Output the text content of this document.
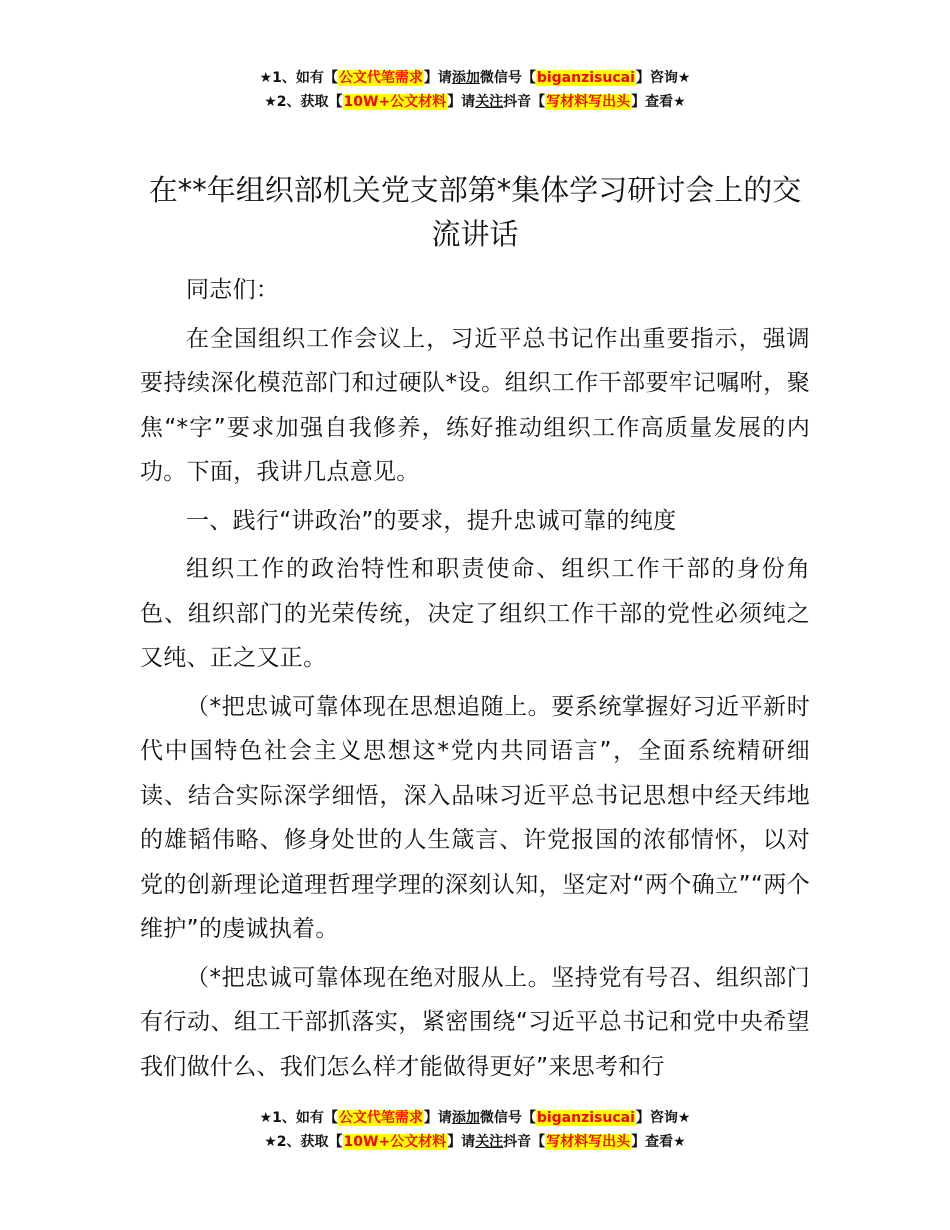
★1、如有【公文代笔需求】请添加微信号【biganzisucai】咨询★
★2、获取【10W+公文材料】请关注抖音【写材料写出头】查看★
在**年组织部机关党支部第*集体学习研讨会上的交流讲话

同志们：

在全国组织工作会议上，习近平总书记作出重要指示，强调要持续深化模范部门和过硬队*设。组织工作干部要牢记嘱咐，聚焦“*字”要求加强自我修养，练好推动组织工作高质量发展的内功。下面，我讲几点意见。

一、践行“讲政治”的要求，提升忠诚可靠的纯度

组织工作的政治特性和职责使命、组织工作干部的身份角色、组织部门的光荣传统，决定了组织工作干部的党性必须纯之又纯、正之又正。

（*把忠诚可靠体现在思想追随上。要系统掌握好习近平新时代中国特色社会主义思想这*党内共同语言”，全面系统精研细读、结合实际深学细悟，深入品味习近平总书记思想中经天纬地的雄韬伟略、修身处世的人生箴言、许党报国的浓郁情怀，以对党的创新理论道理哲理学理的深刻认知，坚定对“两个确立”“两个维护”的虔诚执着。

（*把忠诚可靠体现在绝对服从上。坚持党有号召、组织部门有行动、组工干部抓落实，紧密围绕“习近平总书记和党中央希望我们做什么、我们怎么样才能做得更好”来思考和行

★1、如有【公文代笔需求】请添加微信号【biganzisucai】咨询★
★2、获取【10W+公文材料】请关注抖音【写材料写出头】查看★
